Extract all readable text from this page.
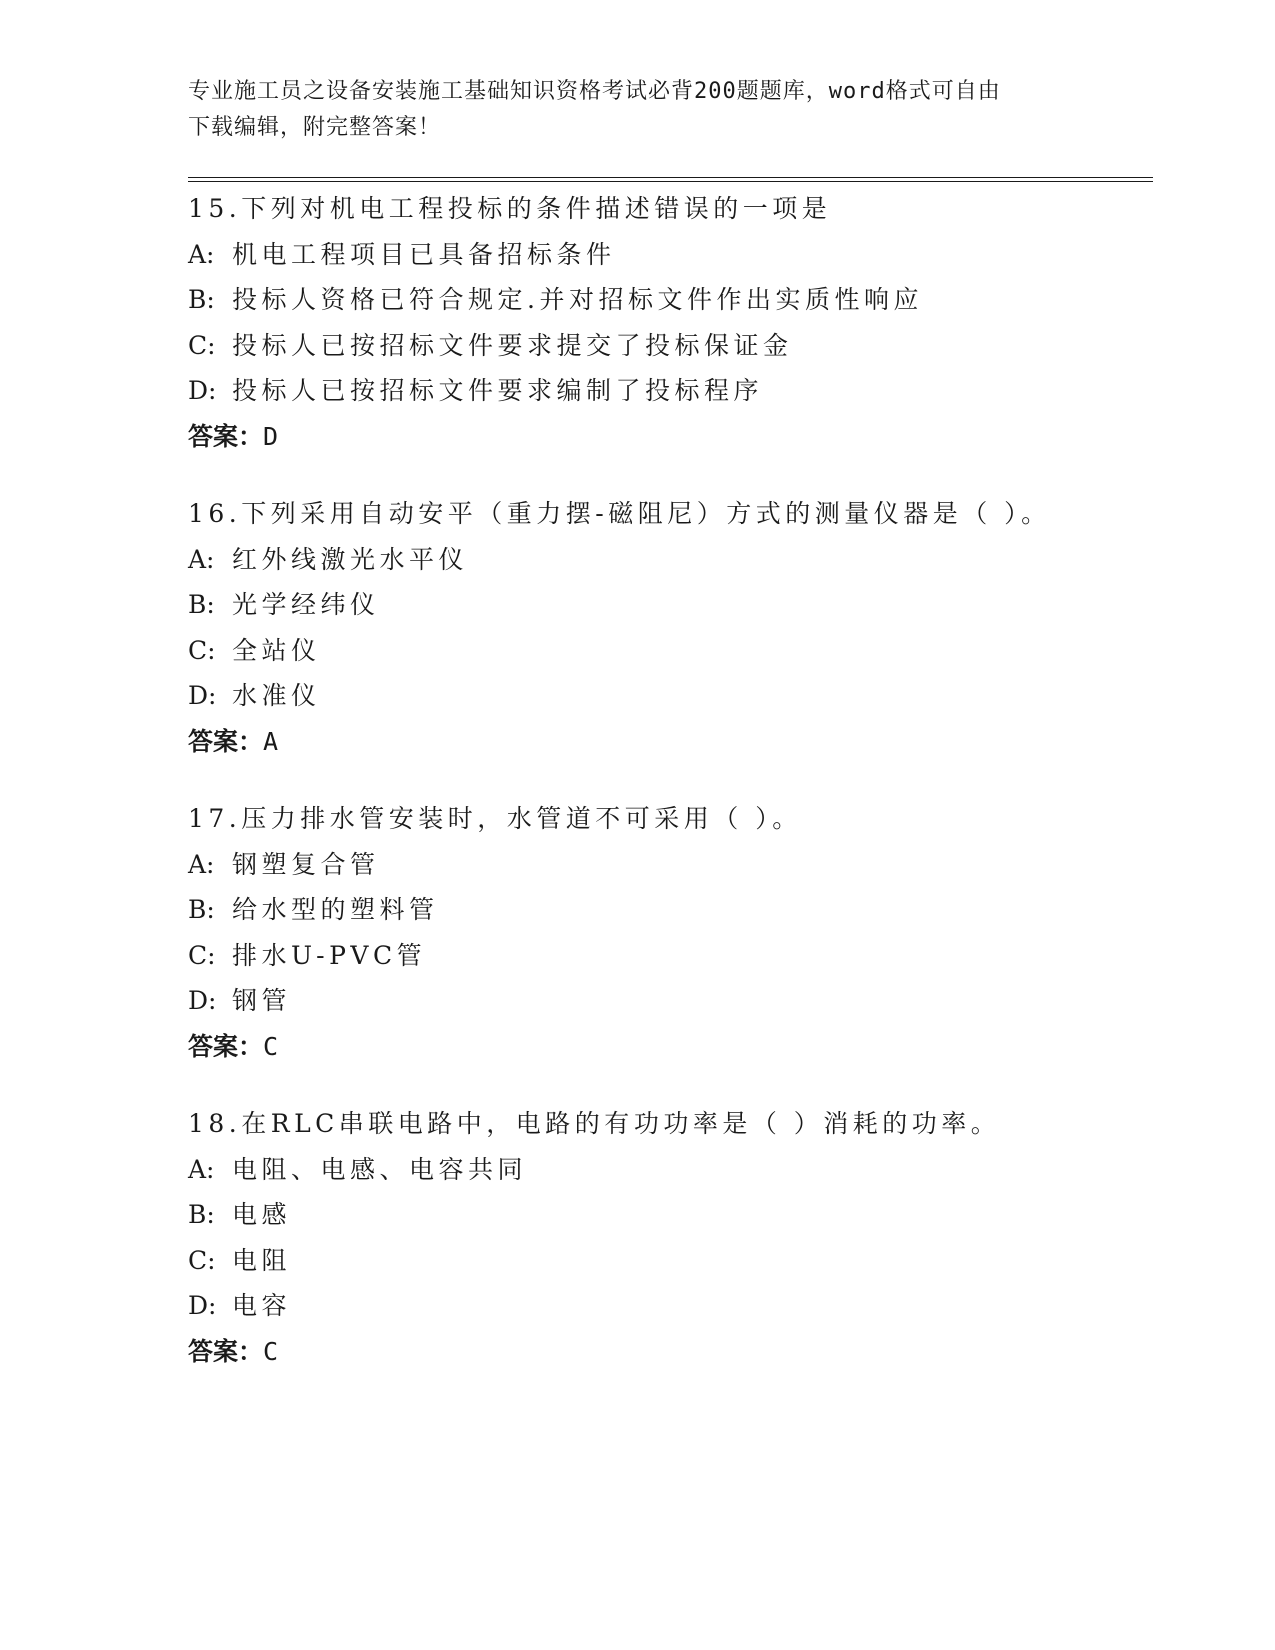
专业施工员之设备安装施工基础知识资格考试必背200题题库，word格式可自由
下载编辑，附完整答案！
15.下列对机电工程投标的条件描述错误的一项是
A: 机电工程项目已具备招标条件
B: 投标人资格已符合规定.并对招标文件作出实质性响应
C: 投标人已按招标文件要求提交了投标保证金
D: 投标人已按招标文件要求编制了投标程序
答案：D
16.下列采用自动安平（重力摆-磁阻尼）方式的测量仪器是（ ）。
A: 红外线激光水平仪
B: 光学经纬仪
C: 全站仪
D: 水准仪
答案：A
17.压力排水管安装时，水管道不可采用（ ）。
A: 钢塑复合管
B: 给水型的塑料管
C: 排水U-PVC管
D: 钢管
答案：C
18.在RLC串联电路中，电路的有功功率是（ ）消耗的功率。
A: 电阻、电感、电容共同
B: 电感
C: 电阻
D: 电容
答案：C
